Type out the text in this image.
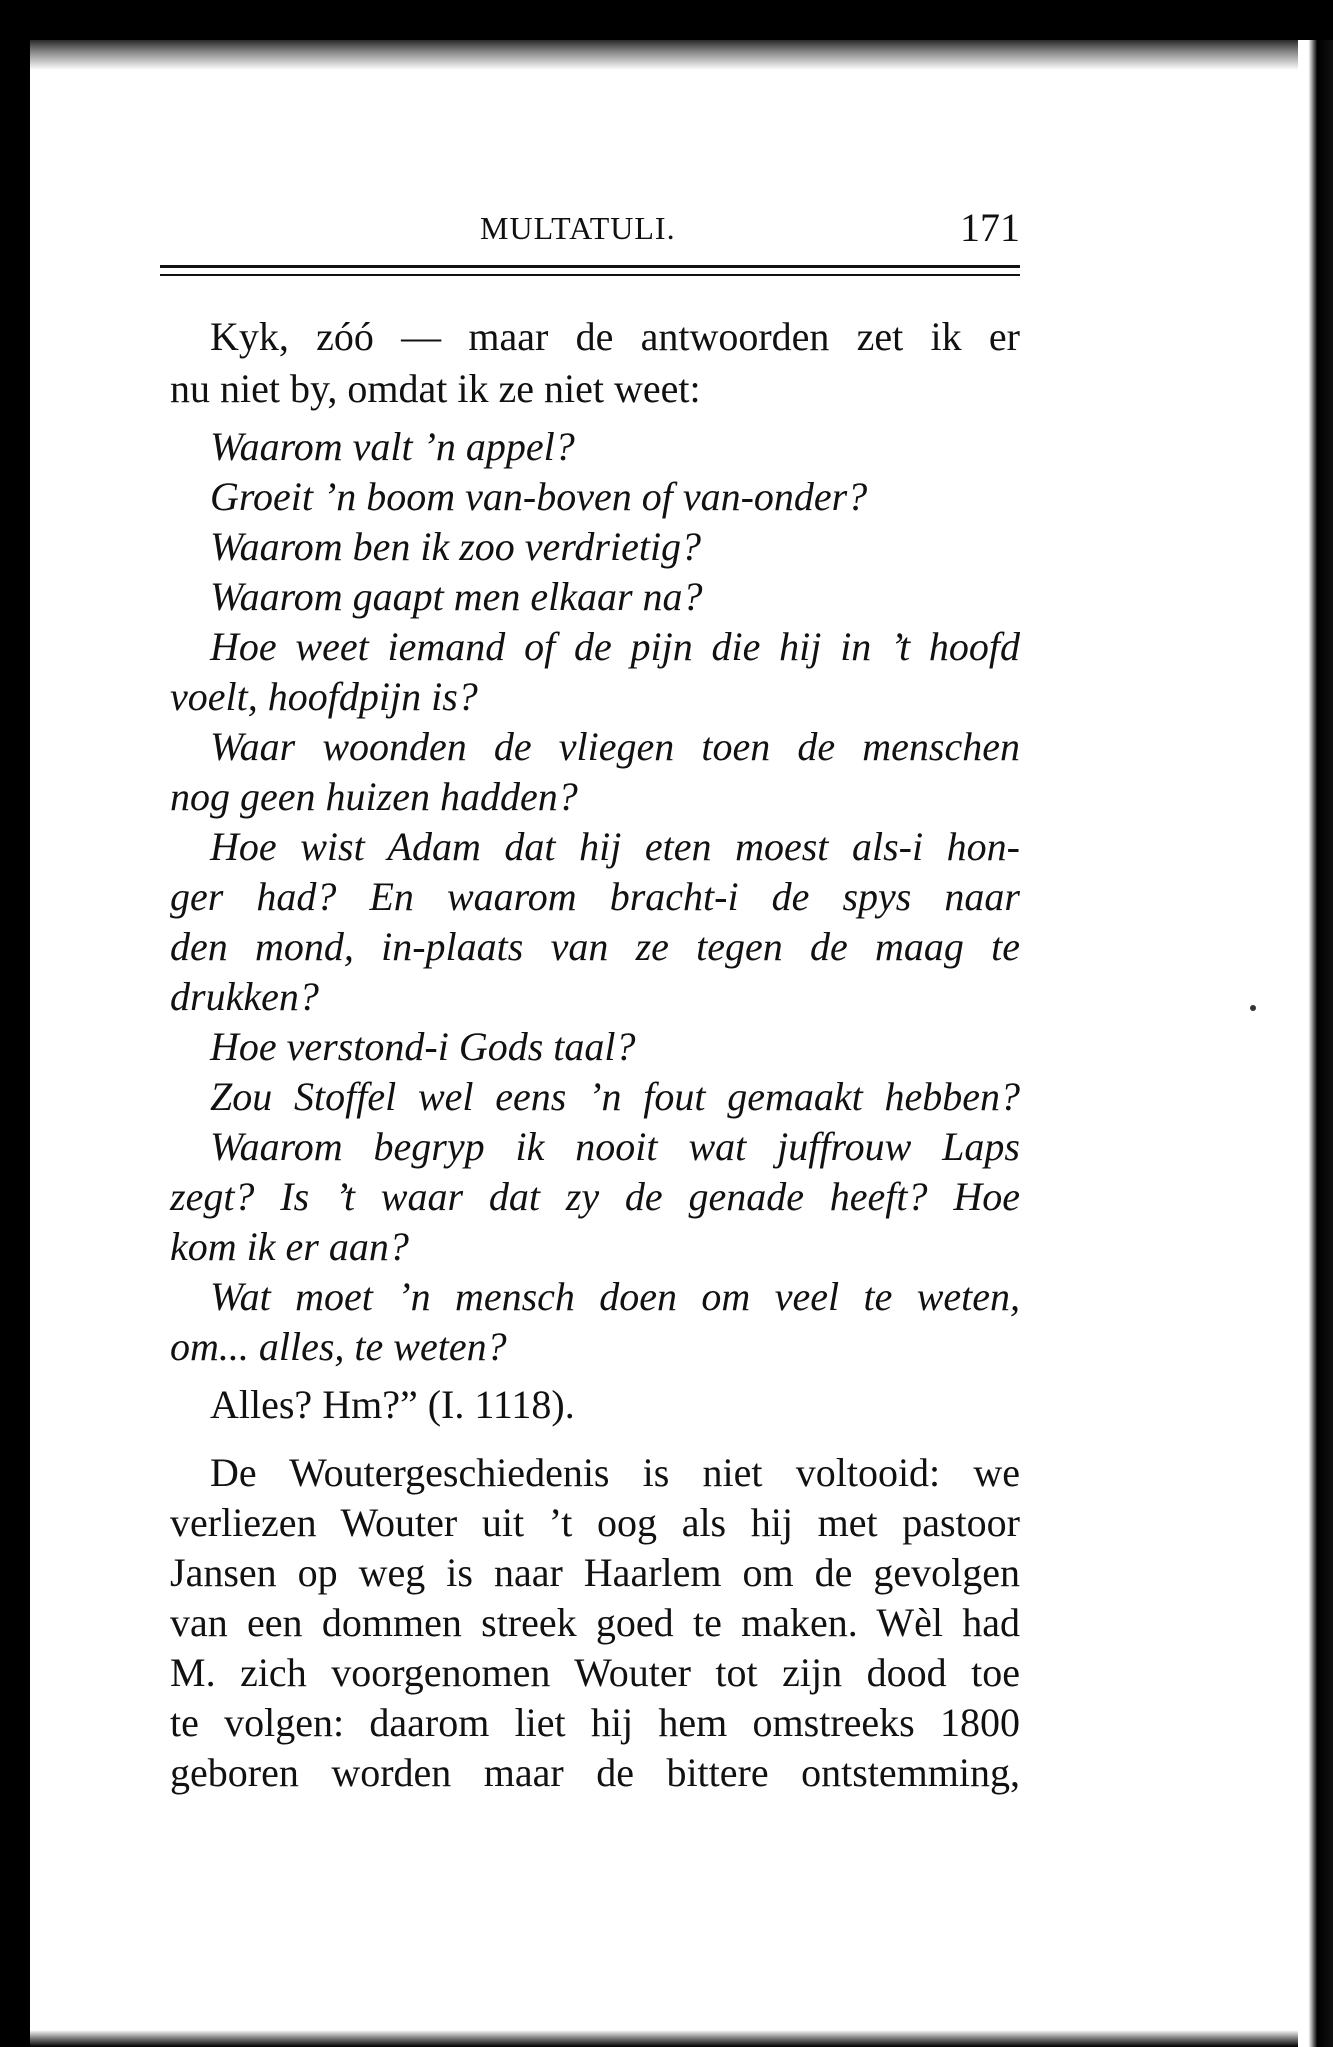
MULTATULI.	171
Kyk, zóó — maar de antwoorden zet ik er
nu niet by, omdat ik ze niet weet:
Waarom valt ’n appel?
Groeit ’n boom van-boven of van-onder?
Waarom ben ik zoo verdrietig?
Waarom gaapt men elkaar na?
Hoe weet iemand of de pijn die hij in ’t hoofd
voelt, hoofdpijn is?
Waar woonden de vliegen toen de menschen
nog geen huizen hadden?
Hoe wist Adam dat hij eten moest als-i hon-
ger had? En waarom bracht-i de spys naar
den mond, in-plaats van ze tegen de maag te
drukken?
Hoe verstond-i Gods taal?
Zou Stoffel wel eens ’n fout gemaakt hebben?
Waarom begryp ik nooit wat juffrouw Laps
zegt? Is ’t waar dat zy de genade heeft? Hoe
kom ik er aan?
Wat moet ’n mensch doen om veel te weten,
om... alles, te weten?
Alles? Hm?” (I. 1118).
De Woutergeschiedenis is niet voltooid: we
verliezen Wouter uit ’t oog als hij met pastoor
Jansen op weg is naar Haarlem om de gevolgen
van een dommen streek goed te maken. Wèl had
M. zich voorgenomen Wouter tot zijn dood toe
te volgen: daarom liet hij hem omstreeks 1800
geboren worden maar de bittere ontstemming,
